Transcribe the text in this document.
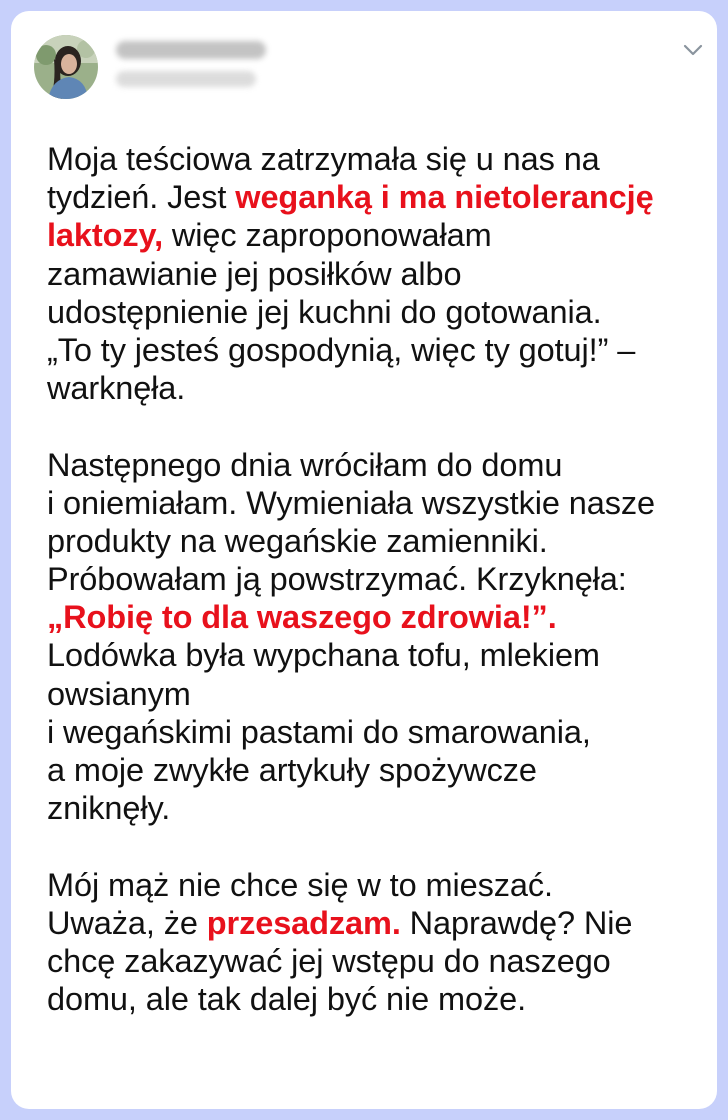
Moja teściowa zatrzymała się u nas na
tydzień. Jest weganką i ma nietolerancję
laktozy, więc zaproponowałam
zamawianie jej posiłków albo
udostępnienie jej kuchni do gotowania.
„To ty jesteś gospodynią, więc ty gotuj!” –
warknęła.
Następnego dnia wróciłam do domu
i oniemiałam. Wymieniała wszystkie nasze
produkty na wegańskie zamienniki.
Próbowałam ją powstrzymać. Krzyknęła:
„Robię to dla waszego zdrowia!”.
Lodówka była wypchana tofu, mlekiem
owsianym
i wegańskimi pastami do smarowania,
a moje zwykłe artykuły spożywcze
zniknęły.
Mój mąż nie chce się w to mieszać.
Uważa, że przesadzam. Naprawdę? Nie
chcę zakazywać jej wstępu do naszego
domu, ale tak dalej być nie może.
